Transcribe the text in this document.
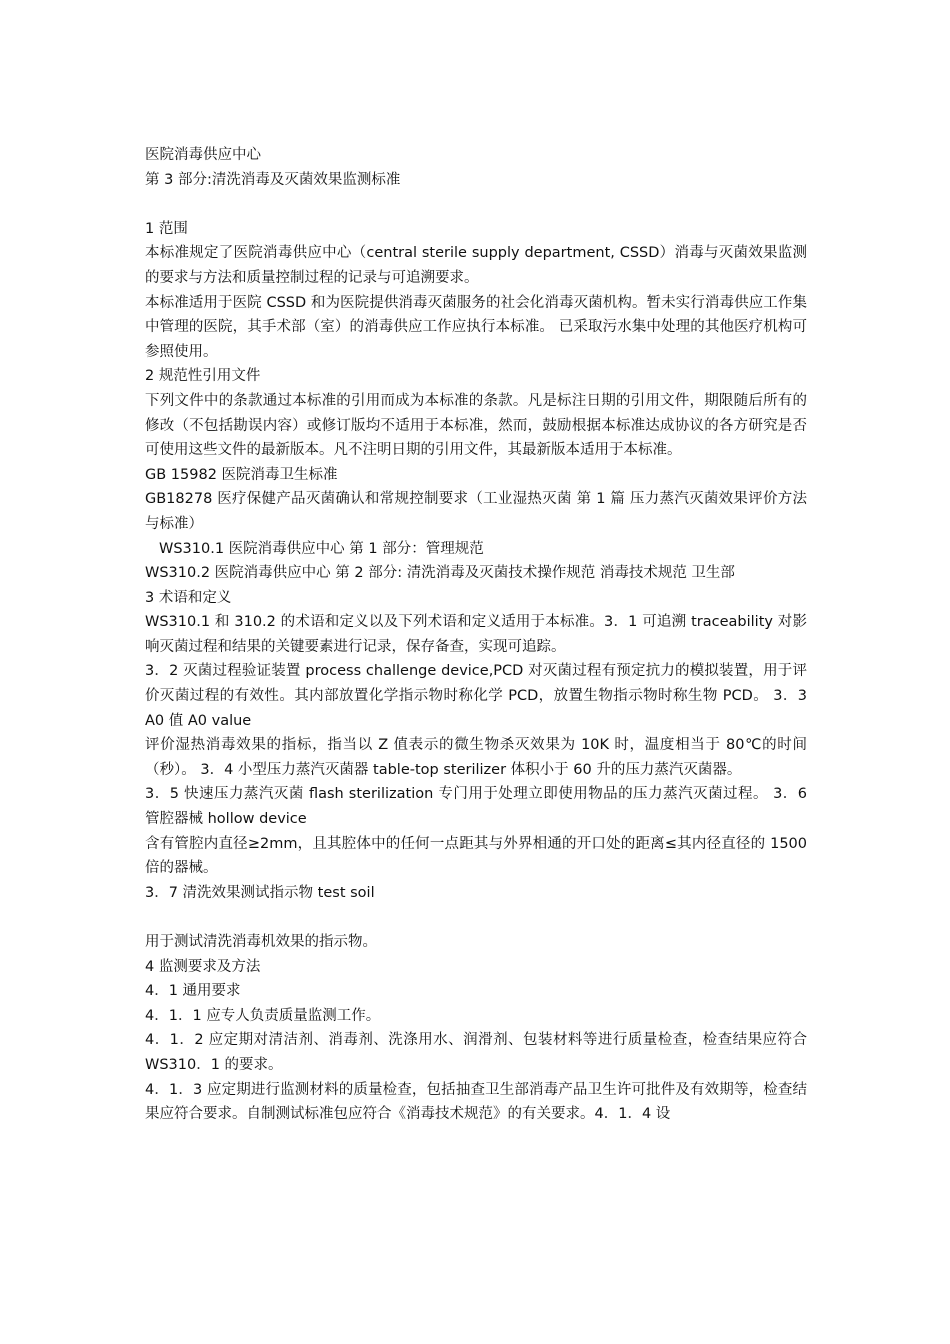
医院消毒供应中心

第 3 部分:清洗消毒及灭菌效果监测标准

1 范围

本标准规定了医院消毒供应中心（central sterile supply department, CSSD）消毒与灭菌效果监测的要求与方法和质量控制过程的记录与可追溯要求。

本标准适用于医院 CSSD 和为医院提供消毒灭菌服务的社会化消毒灭菌机构。暂未实行消毒供应工作集中管理的医院，其手术部（室）的消毒供应工作应执行本标准。 已采取污水集中处理的其他医疗机构可参照使用。

2 规范性引用文件

下列文件中的条款通过本标准的引用而成为本标准的条款。凡是标注日期的引用文件，期限随后所有的修改（不包括勘误内容）或修订版均不适用于本标准，然而，鼓励根据本标准达成协议的各方研究是否可使用这些文件的最新版本。凡不注明日期的引用文件，其最新版本适用于本标准。

GB 15982 医院消毒卫生标准

GB18278 医疗保健产品灭菌确认和常规控制要求（工业湿热灭菌 第 1 篇 压力蒸汽灭菌效果评价方法与标准）

WS310.1 医院消毒供应中心 第 1 部分：管理规范

WS310.2 医院消毒供应中心 第 2 部分: 清洗消毒及灭菌技术操作规范 消毒技术规范 卫生部

3 术语和定义

WS310.1 和 310.2 的术语和定义以及下列术语和定义适用于本标准。3．1 可追溯 traceability 对影响灭菌过程和结果的关键要素进行记录，保存备查，实现可追踪。

3．2 灭菌过程验证装置 process challenge device,PCD 对灭菌过程有预定抗力的模拟装置，用于评价灭菌过程的有效性。其内部放置化学指示物时称化学 PCD，放置生物指示物时称生物 PCD。 3．3 A0 值 A0 value

评价湿热消毒效果的指标，指当以 Z 值表示的微生物杀灭效果为 10K 时，温度相当于 80℃的时间（秒）。 3．4 小型压力蒸汽灭菌器 table-top sterilizer 体积小于 60 升的压力蒸汽灭菌器。

3．5 快速压力蒸汽灭菌 flash sterilization 专门用于处理立即使用物品的压力蒸汽灭菌过程。 3．6 管腔器械 hollow device

含有管腔内直径≥2mm，且其腔体中的任何一点距其与外界相通的开口处的距离≤其内径直径的 1500 倍的器械。

3．7 清洗效果测试指示物 test soil

用于测试清洗消毒机效果的指示物。

4 监测要求及方法

4．1 通用要求

4．1．1 应专人负责质量监测工作。

4．1．2 应定期对清洁剂、消毒剂、洗涤用水、润滑剂、包装材料等进行质量检查，检查结果应符合 WS310．1 的要求。

4．1．3 应定期进行监测材料的质量检查，包括抽查卫生部消毒产品卫生许可批件及有效期等，检查结果应符合要求。自制测试标准包应符合《消毒技术规范》的有关要求。4．1．4 设
